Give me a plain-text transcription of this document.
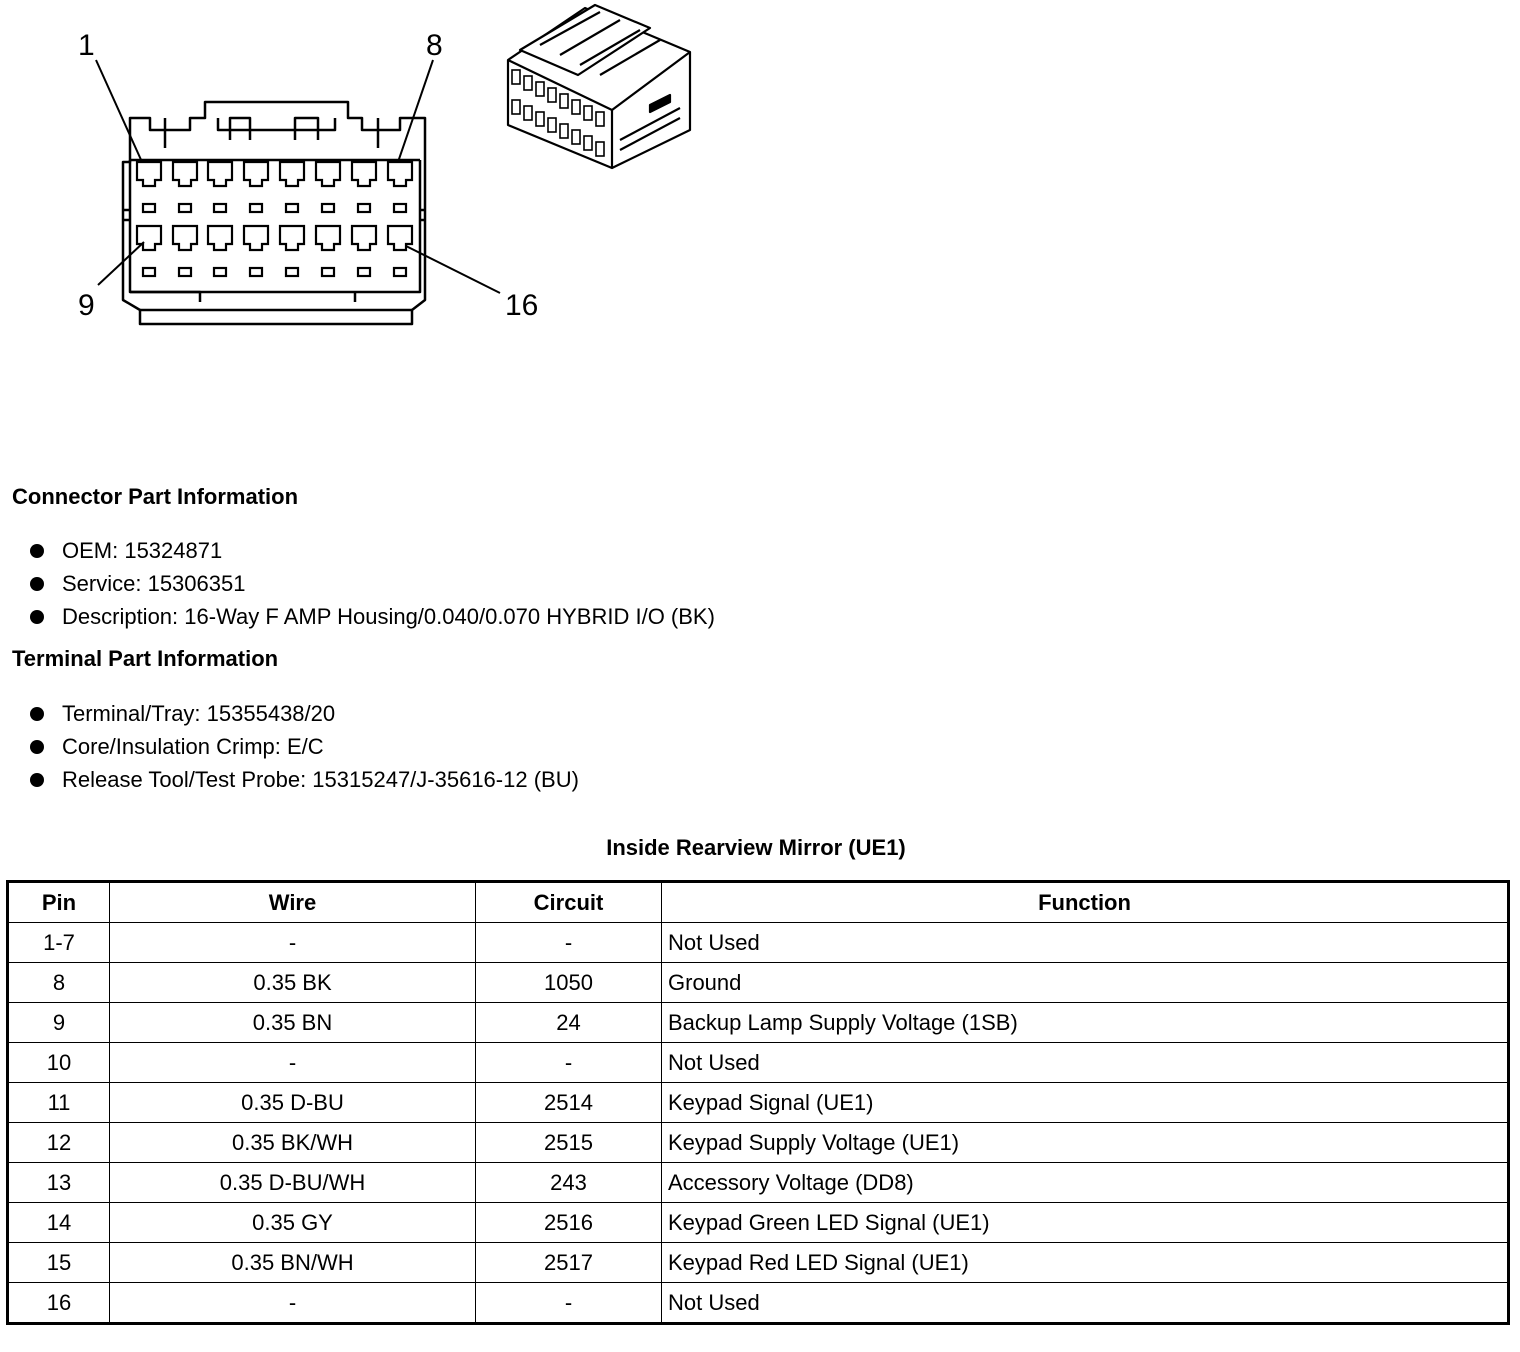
1	8
9	16
Connector Part Information
OEM: 15324871
Service: 15306351
Description: 16-Way F AMP Housing/0.040/0.070 HYBRID I/O (BK)
Terminal Part Information
Terminal/Tray: 15355438/20
Core/Insulation Crimp: E/C
Release Tool/Test Probe: 15315247/J-35616-12 (BU)
Inside Rearview Mirror (UE1)
Pin	Wire	Circuit	Function
1-7	-	-	Not Used
8	0.35 BK	1050	Ground
9	0.35 BN	24	Backup Lamp Supply Voltage (1SB)
10	-	-	Not Used
11	0.35 D-BU	2514	Keypad Signal (UE1)
12	0.35 BK/WH	2515	Keypad Supply Voltage (UE1)
13	0.35 D-BU/WH	243	Accessory Voltage (DD8)
14	0.35 GY	2516	Keypad Green LED Signal (UE1)
15	0.35 BN/WH	2517	Keypad Red LED Signal (UE1)
16	-	-	Not Used
